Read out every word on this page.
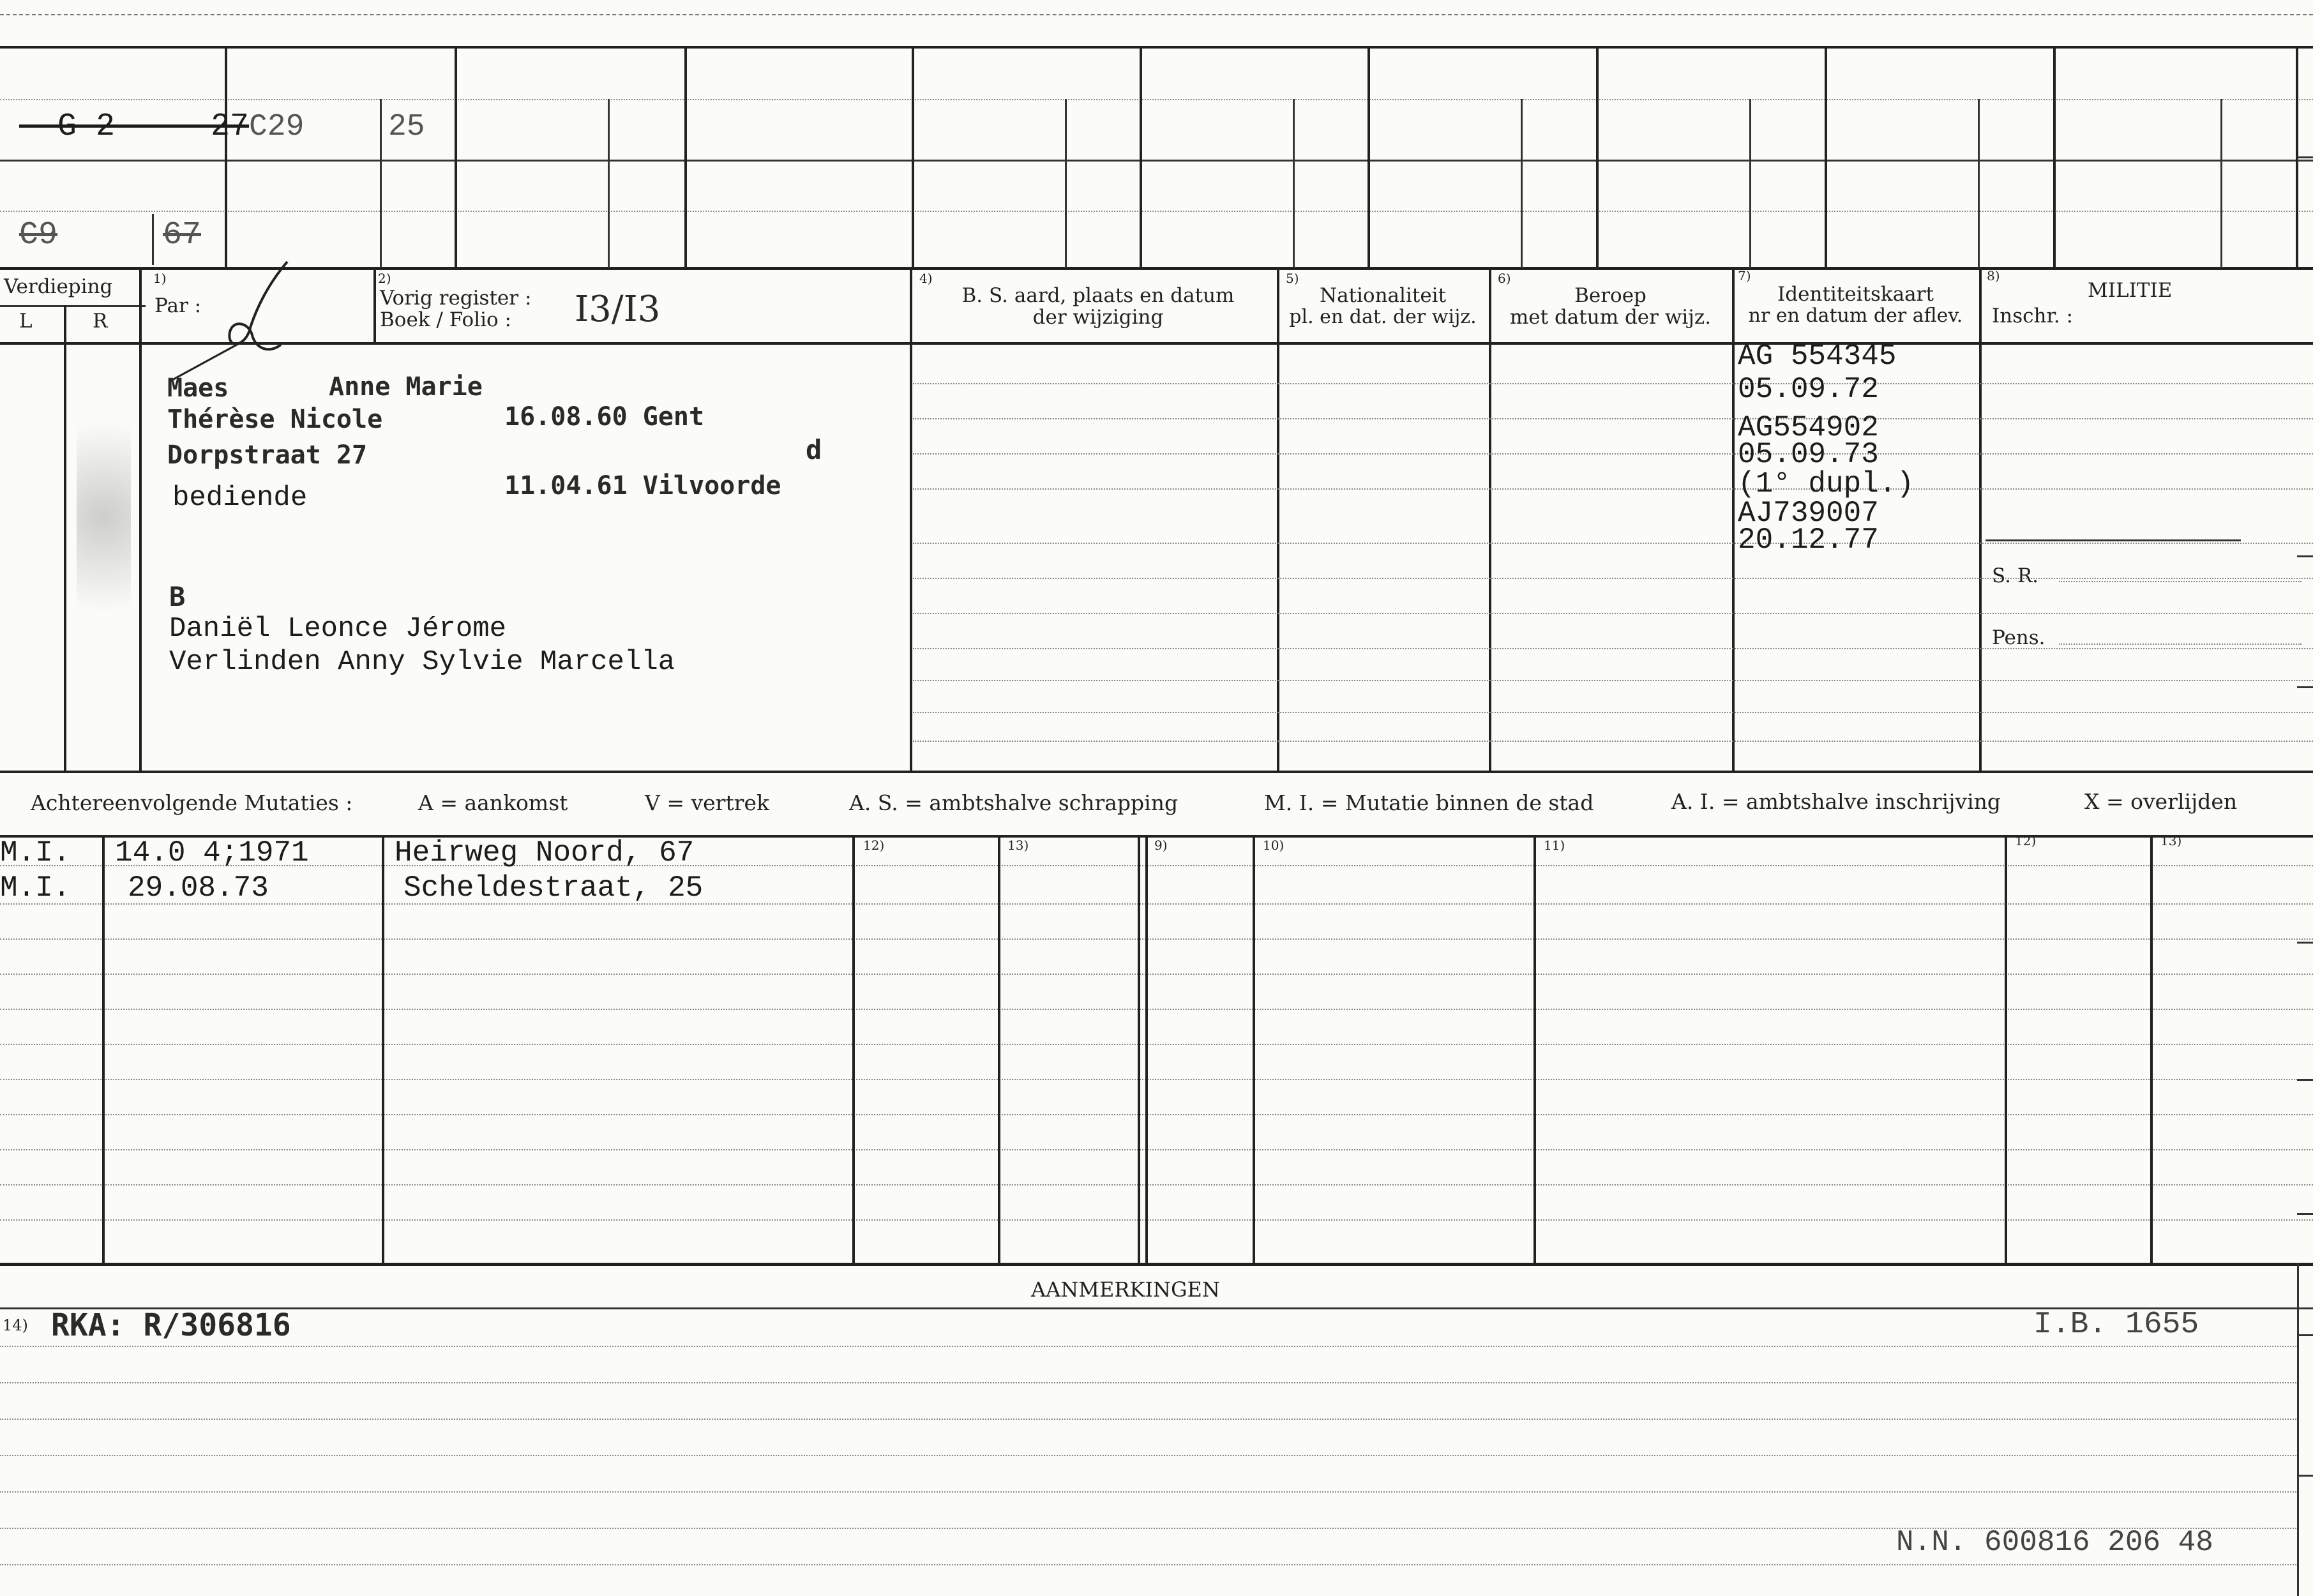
- G 2 - - 27 C29	25
C9	67
Verdieping
L	R
1)
Par :
2)
Vorig register :
Boek / Folio : I3/I3
4)
B. S. aard, plaats en datum
der wijziging
5)
Nationaliteit
pl. en dat. der wijz.
6)
Beroep
met datum der wijz.
7)
Identiteitskaart
nr en datum der aflev.
8)
MILITIE
Inschr. :
Maes	Anne Marie
Thérèse Nicole	16.08.60 Gent
Dorpstraat 27	d
bediende	11.04.61 Vilvoorde
B
Daniël Leonce Jérome
Verlinden Anny Sylvie Marcella
AG 554345
05.09.72
AG554902
05.09.73
(1° dupl.)
AJ739007
20.12.77
S. R.
Pens.
Achtereenvolgende Mutaties :	A = aankomst	V = vertrek	A. S. = ambtshalve schrapping	M. I. = Mutatie binnen de stad	A. I. = ambtshalve inschrijving	X = overlijden
12)	13)	9)	10)	11)	12)	13)
M.I. 14.0 4;1971	Heirweg Noord, 67
M.I. 29.08.73	Scheldestraat, 25
AANMERKINGEN
14) RKA: R/306816	I.B. 1655
N.N. 600816 206 48
